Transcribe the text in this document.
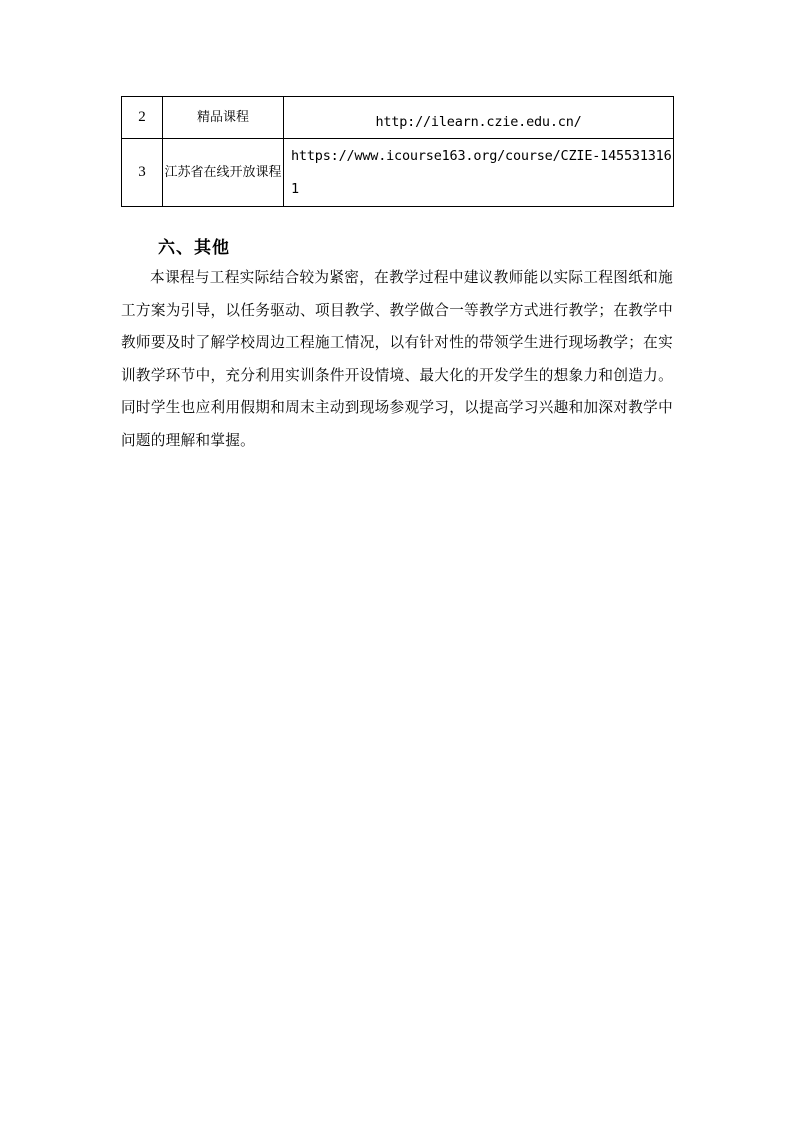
2	精品课程	http://ilearn.czie.edu.cn/
3	江苏省在线开放课程	https://www.icourse163.org/course/CZIE-1455313161
六、其他

本课程与工程实际结合较为紧密，在教学过程中建议教师能以实际工程图纸和施工方案为引导，以任务驱动、项目教学、教学做合一等教学方式进行教学；在教学中教师要及时了解学校周边工程施工情况，以有针对性的带领学生进行现场教学；在实训教学环节中，充分利用实训条件开设情境、最大化的开发学生的想象力和创造力。同时学生也应利用假期和周末主动到现场参观学习，以提高学习兴趣和加深对教学中问题的理解和掌握。
